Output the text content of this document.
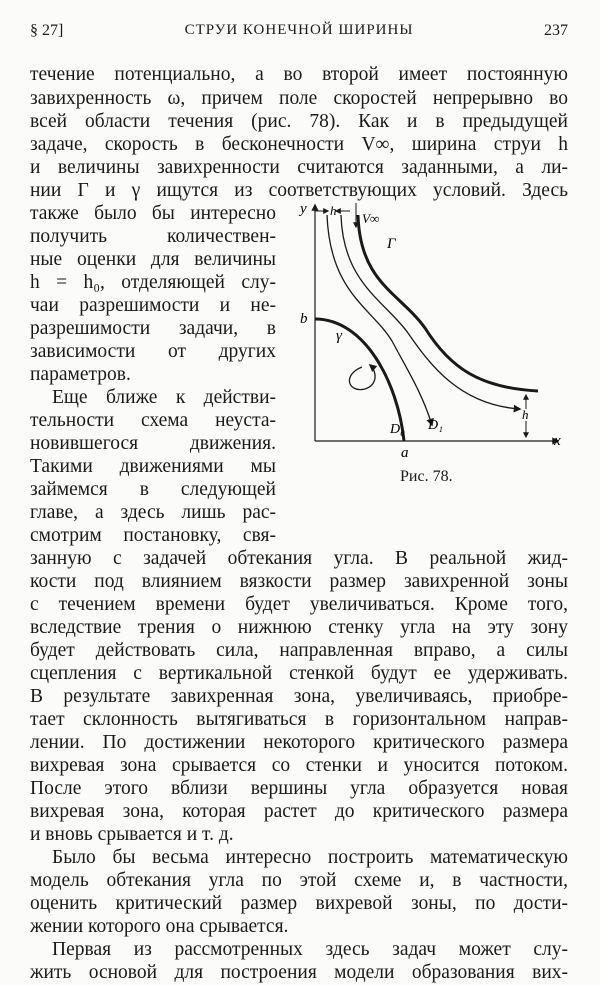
§ 27]	СТРУИ КОНЕЧНОЙ ШИРИНЫ	237
течение потенциально, а во второй имеет постоянную
завихренность ω, причем поле скоростей непрерывно во
всей области течения (рис. 78). Как и в предыдущей
задаче, скорость в бесконечности V∞, ширина струи h
и величины завихренности считаются заданными, а ли-
нии Γ и γ ищутся из соответствующих условий. Здесь
также было бы интересно
получить количествен-
ные оценки для величины
h = h₀, отделяющей слу-
чаи разрешимости и не-
разрешимости задачи, в
зависимости от других
параметров.
Еще ближе к действи-
тельности схема неуста-
новившегося движения.
Такими движениями мы
займемся в следующей
главе, а здесь лишь рас-
смотрим постановку, свя-
занную с задачей обтекания угла. В реальной жид-
кости под влиянием вязкости размер завихренной зоны
с течением времени будет увеличиваться. Кроме того,
вследствие трения о нижнюю стенку угла на эту зону
будет действовать сила, направленная вправо, а силы
сцепления с вертикальной стенкой будут ее удерживать.
В результате завихренная зона, увеличиваясь, приобре-
тает склонность вытягиваться в горизонтальном направ-
лении. По достижении некоторого критического размера
вихревая зона срывается со стенки и уносится потоком.
После этого вблизи вершины угла образуется новая
вихревая зона, которая растет до критического размера
и вновь срывается и т. д.
Было бы весьма интересно построить математическую
модель обтекания угла по этой схеме и, в частности,
оценить критический размер вихревой зоны, по дости-
жении которого она срывается.
Первая из рассмотренных здесь задач может слу-
жить основой для построения модели образования вих-
y
x
h
V∞
h
Γ
γ
b
a
D₀ D₁
Рис. 78.
